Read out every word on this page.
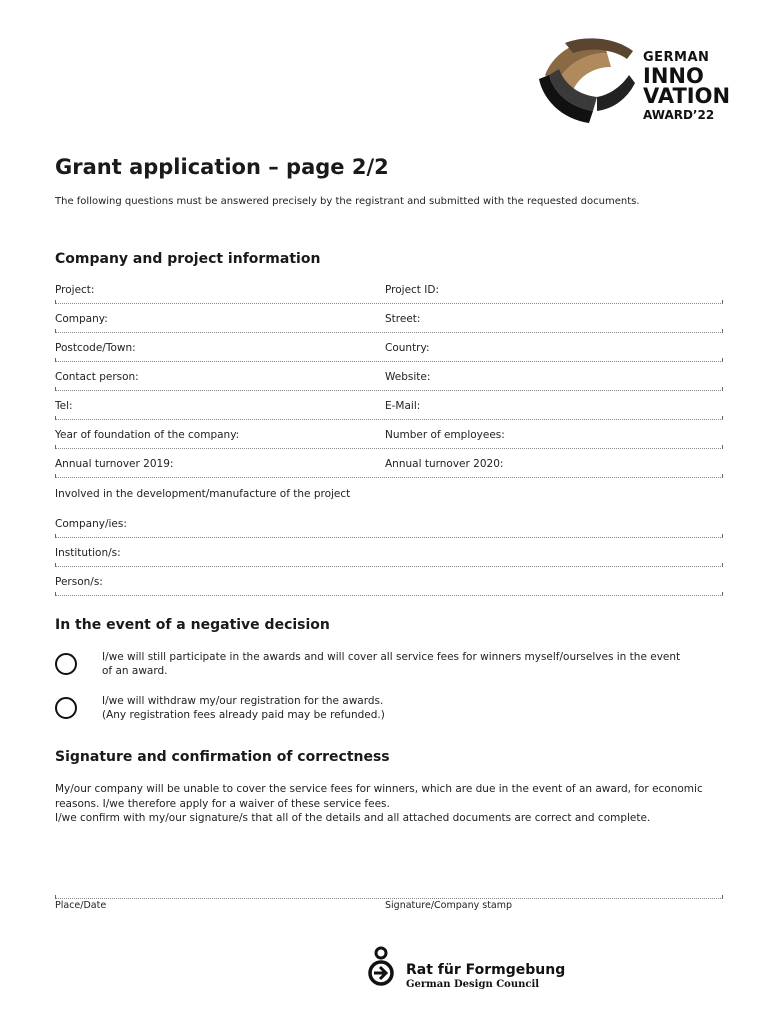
GERMAN
INNO
VATION
AWARD’22
Grant application – page 2/2
The following questions must be answered precisely by the registrant and submitted with the requested documents.
Company and project information
Project:	Project ID:
Company:	Street:
Postcode/Town:	Country:
Contact person:	Website:
Tel:	E-Mail:
Year of foundation of the company:	Number of employees:
Annual turnover 2019:	Annual turnover 2020:
Involved in the development/manufacture of the project
Company/ies:
Institution/s:
Person/s:
In the event of a negative decision
I/we will still participate in the awards and will cover all service fees for winners myself/ourselves in the event
of an award.
I/we will withdraw my/our registration for the awards.
(Any registration fees already paid may be refunded.)
Signature and confirmation of correctness
My/our company will be unable to cover the service fees for winners, which are due in the event of an award, for economic
reasons. I/we therefore apply for a waiver of these service fees.
I/we confirm with my/our signature/s that all of the details and all attached documents are correct and complete.
Place/Date	Signature/Company stamp
Rat für Formgebung
German Design Council
